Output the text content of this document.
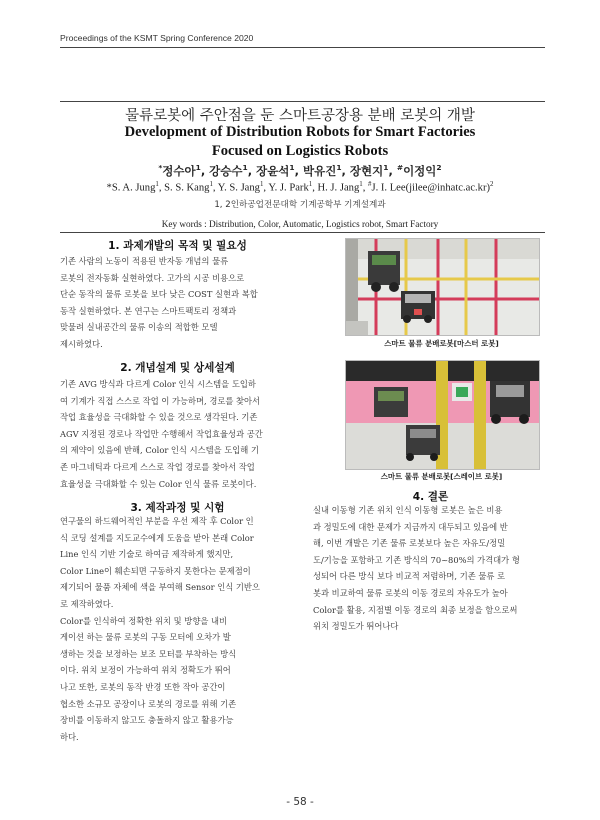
Proceedings of the KSMT Spring Conference 2020
물류로봇에 주안점을 둔 스마트공장용 분배 로봇의 개발
Development of Distribution Robots for Smart Factories
Focused on Logistics Robots
*정수아$^1$, 강승수$^1$, 장윤석$^1$, 박유진$^1$, 장현지$^1$, #이정익$^2$
*S. A. Jung$^1$, S. S. Kang$^1$, Y. S. Jang$^1$, Y. J. Park$^1$, H. J. Jang$^1$, #J. I. Lee(jilee@inhatc.ac.kr)$^2$
1, 2인하공업전문대학 기계공학부 기계설계과
Key words : Distribution, Color, Automatic, Logistics robot, Smart Factory
1. 과제개발의 목적 및 필요성

기존 사람의 노동이 적용된 반자동 개념의 물류
로봇의 전자동화 실현하였다. 고가의 시공 비용으로
단순 동작의 물류 로봇을 보다 낮은 COST 실현과 복합
동작 실현하였다. 본 연구는 스마트팩토리 정책과
맞물려 실내공간의 물류 이송의 적합한 모델
제시하였다.

2. 개념설계 및 상세설계

기존 AVG 방식과 다르게 Color 인식 시스템을 도입하
여 기계가 직접 스스로 작업 이 가능하며, 경로를 찾아서
작업 효율성을 극대화할 수 있을 것으로 생각된다. 기존
AGV 지정된 경로나 작업만 수행해서 작업효율성과 공간
의 제약이 있음에 반해, Color 인식 시스템을 도입해 기
존 마그네틱과 다르게 스스로 작업 경로를 찾아서 작업
효율성을 극대화할 수 있는 Color 인식 물류 로봇이다.

3. 제작과정 및 시험

연구물의 하드웨어적인 부분을 우선 제작 후 Color 인
식 코딩 설계를 지도교수에게 도움을 받아 본래 Color
Line 인식 기반 기술로 하여금 제작하게 했지만,
Color Line이 훼손되면 구동하지 못한다는 문제점이
제기되어 물품 자체에 색을 부여해 Sensor 인식 기반으
로 제작하였다.
Color를 인식하여 정확한 위치 및 방향을 내비
게이션 하는 물류 로봇의 구동 모터에 오차가 발
생하는 것을 보정하는 보조 모터를 부착하는 방식
이다. 위치 보정이 가능하여 위치 정확도가 뛰어
나고 또한, 로봇의 동작 반경 또한 작아 공간이
협소한 소규모 공장이나 로봇의 경로를 위해 기존
장비를 이동하지 않고도 충돌하지 않고 활용가능
하다.

스마트 물류 분배로봇[마스터 로봇]
스마트 물류 분배로봇[스레이브 로봇]
4. 결론

실내 이동형 기존 위치 인식 이동형 로봇은 높은 비용
과 정밀도에 대한 문제가 지금까지 대두되고 있음에 반
해, 이번 개발은 기존 물류 로봇보다 높은 자유도/정밀
도/기능을 포함하고 기존 방식의 70~80%의 가격대가 형
성되어 다른 방식 보다 비교적 저렴하며, 기존 물류 로
봇과 비교하여 물류 로봇의 이동 경로의 자유도가 높아
Color를 활용, 지점별 이동 경로의 최종 보정을 함으로써
위치 정밀도가 뛰어나다

- 58 -
